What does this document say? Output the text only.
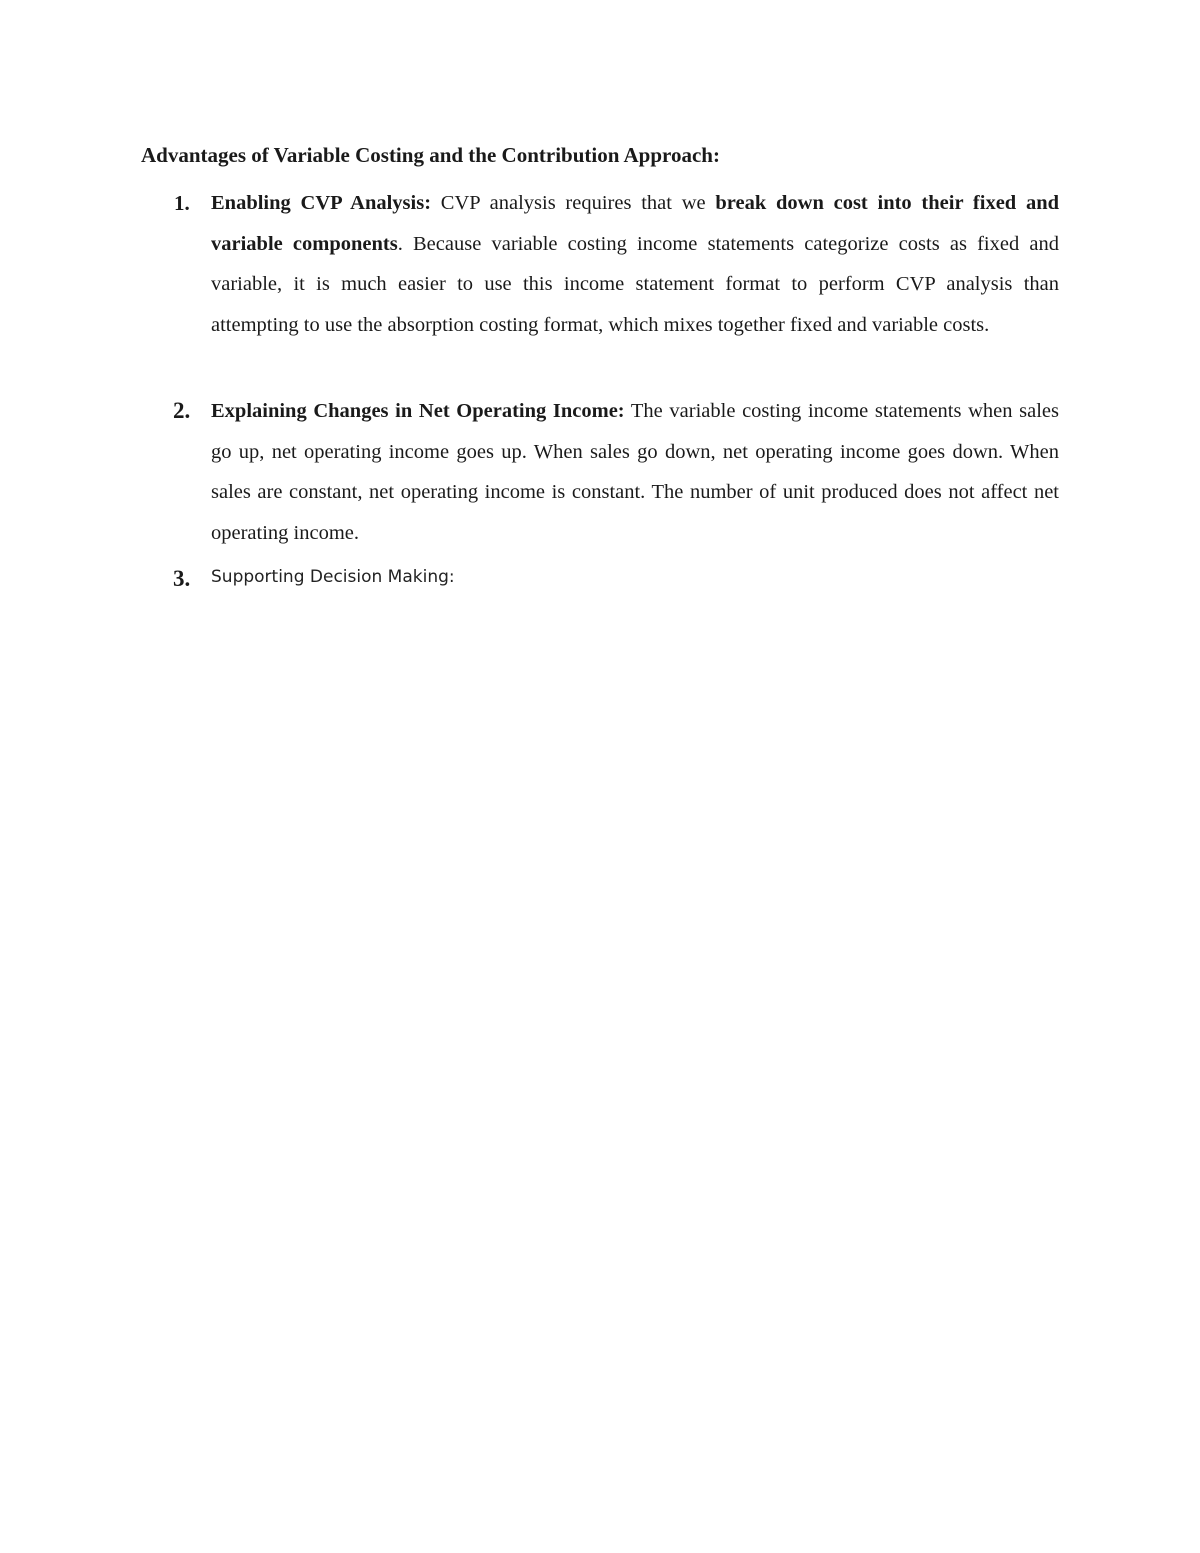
Advantages of Variable Costing and the Contribution Approach:
1. Enabling CVP Analysis: CVP analysis requires that we break down cost into their fixed and variable components. Because variable costing income statements categorize costs as fixed and variable, it is much easier to use this income statement format to perform CVP analysis than attempting to use the absorption costing format, which mixes together fixed and variable costs.

2. Explaining Changes in Net Operating Income: The variable costing income statements when sales go up, net operating income goes up. When sales go down, net operating income goes down. When sales are constant, net operating income is constant. The number of unit produced does not affect net operating income.

3. Supporting Decision Making:
